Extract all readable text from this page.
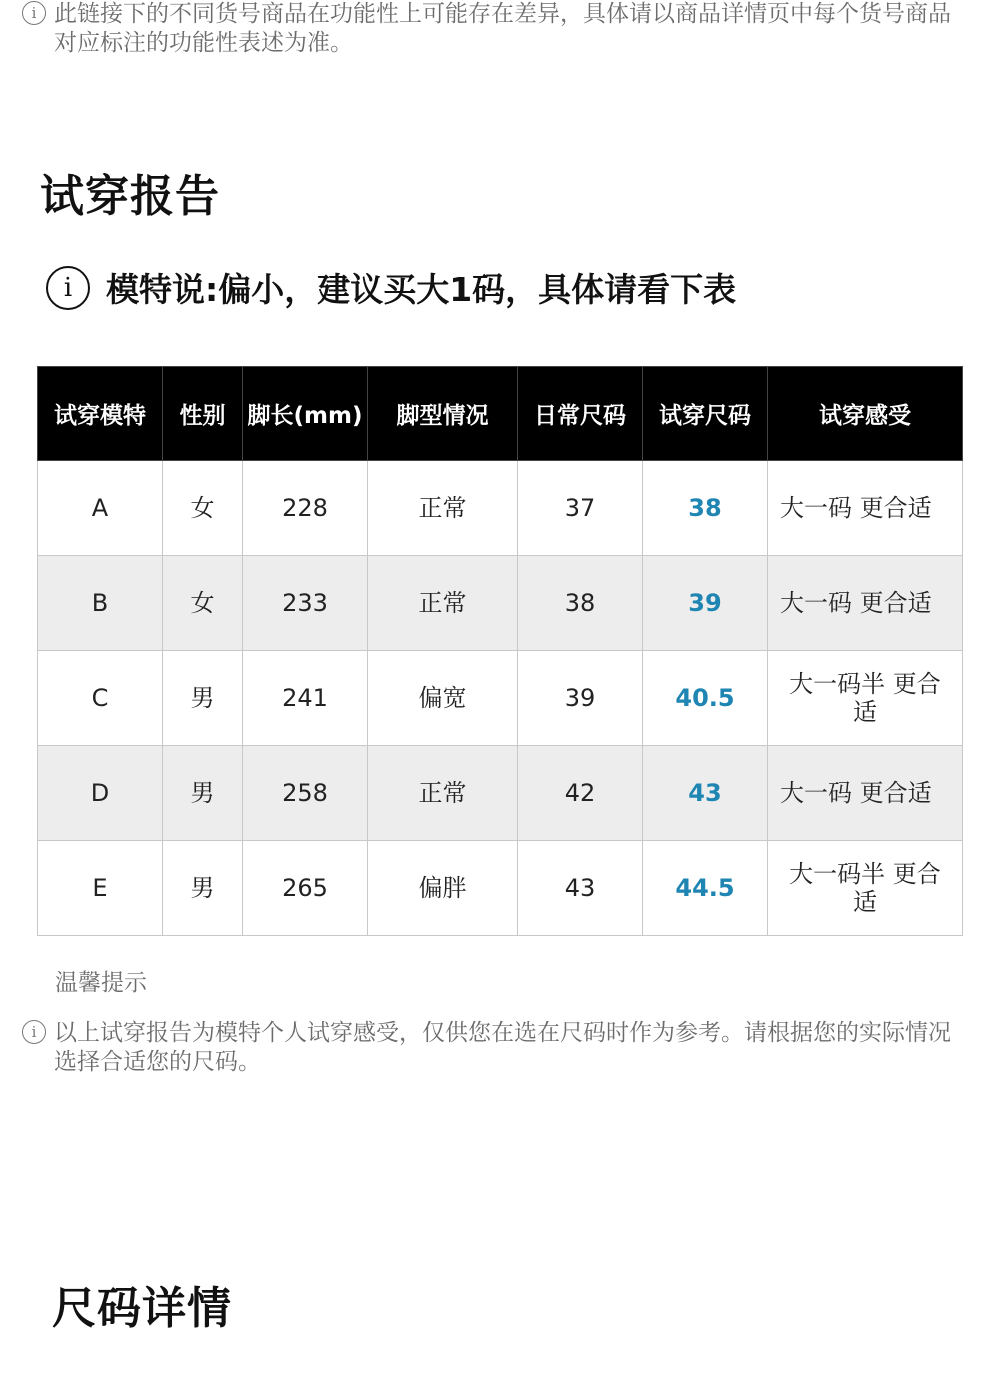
i 此链接下的不同货号商品在功能性上可能存在差异，具体请以商品详情页中每个货号商品对应标注的功能性表述为准。
试穿报告
i	模特说:偏小，建议买大1码，具体请看下表
试穿模特	性别	脚长(mm)	脚型情况	日常尺码	试穿尺码	试穿感受
A	女	228	正常	37	38	大一码 更合适
B	女	233	正常	38	39	大一码 更合适
C	男	241	偏宽	39	40.5	大一码半 更合适
D	男	258	正常	42	43	大一码 更合适
E	男	265	偏胖	43	44.5	大一码半 更合适
温馨提示
i 以上试穿报告为模特个人试穿感受，仅供您在选在尺码时作为参考。请根据您的实际情况选择合适您的尺码。
尺码详情
